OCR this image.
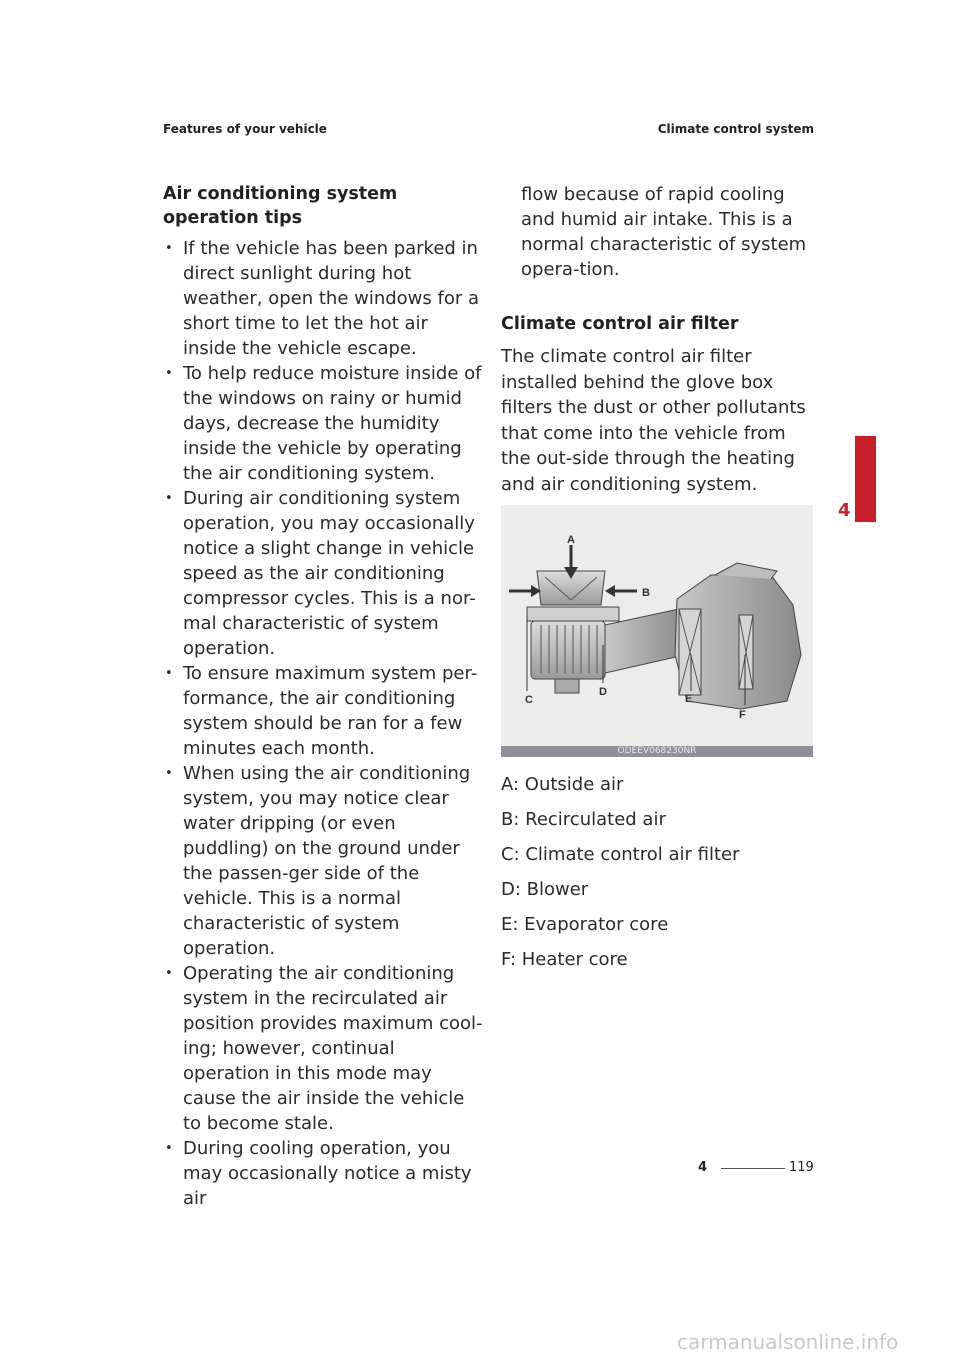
Features of your vehicle	Climate control system
Air conditioning system operation tips
• If the vehicle has been parked in direct sunlight during hot weather, open the windows for a short time to let the hot air inside the vehicle escape.
• To help reduce moisture inside of the windows on rainy or humid days, decrease the humidity inside the vehicle by operating the air conditioning system.
• During air conditioning system operation, you may occasionally notice a slight change in vehicle speed as the air conditioning compressor cycles. This is a nor-mal characteristic of system operation.
• To ensure maximum system per-formance, the air conditioning system should be ran for a few minutes each month.
• When using the air conditioning system, you may notice clear water dripping (or even puddling) on the ground under the passen-ger side of the vehicle. This is a normal characteristic of system operation.
• Operating the air conditioning system in the recirculated air position provides maximum cool-ing; however, continual operation in this mode may cause the air inside the vehicle to become stale.
• During cooling operation, you may occasionally notice a misty air

flow because of rapid cooling and humid air intake. This is a normal characteristic of system opera-tion.

Climate control air filter

The climate control air filter installed behind the glove box filters the dust or other pollutants that come into the vehicle from the out-side through the heating and air conditioning system.

A
B
C
D
E
F
ODEEV068230NR
A: Outside air
B: Recirculated air
C: Climate control air filter
D: Blower
E: Evaporator core
F: Heater core
4
4	119
carmanualsonline.info
